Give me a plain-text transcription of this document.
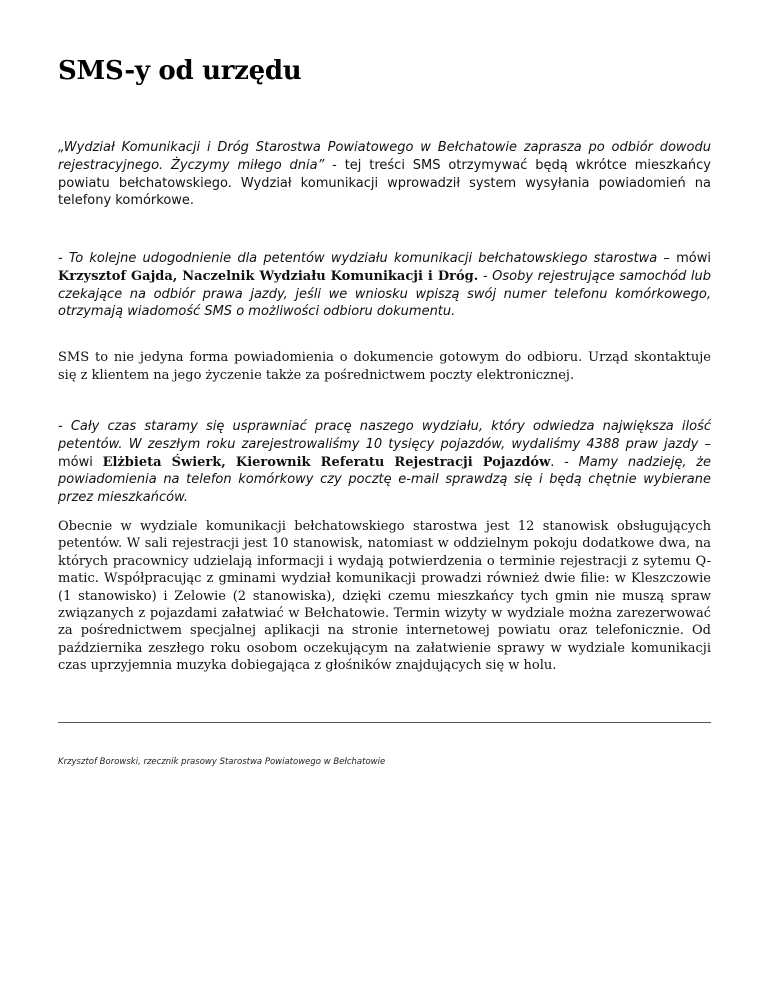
SMS-y od urzędu

„Wydział Komunikacji i Dróg Starostwa Powiatowego w Bełchatowie zaprasza po odbiór dowodu rejestracyjnego. Życzymy miłego dnia” - tej treści SMS otrzymywać będą wkrótce mieszkańcy powiatu bełchatowskiego. Wydział komunikacji wprowadził system wysyłania powiadomień na telefony komórkowe.

- To kolejne udogodnienie dla petentów wydziału komunikacji bełchatowskiego starostwa – mówi Krzysztof Gajda, Naczelnik Wydziału Komunikacji i Dróg. - Osoby rejestrujące samochód lub czekające na odbiór prawa jazdy, jeśli we wniosku wpiszą swój numer telefonu komórkowego, otrzymają wiadomość SMS o możliwości odbioru dokumentu.

SMS to nie jedyna forma powiadomienia o dokumencie gotowym do odbioru. Urząd skontaktuje się z klientem na jego życzenie także za pośrednictwem poczty elektronicznej.

- Cały czas staramy się usprawniać pracę naszego wydziału, który odwiedza największa ilość petentów. W zeszłym roku zarejestrowaliśmy 10 tysięcy pojazdów, wydaliśmy 4388 praw jazdy – mówi Elżbieta Świerk, Kierownik Referatu Rejestracji Pojazdów. - Mamy nadzieję, że powiadomienia na telefon komórkowy czy pocztę e-mail sprawdzą się i będą chętnie wybierane przez mieszkańców.

Obecnie w wydziale komunikacji bełchatowskiego starostwa jest 12 stanowisk obsługujących petentów. W sali rejestracji jest 10 stanowisk, natomiast w oddzielnym pokoju dodatkowe dwa, na których pracownicy udzielają informacji i wydają potwierdzenia o terminie rejestracji z sytemu Q-matic. Współpracując z gminami wydział komunikacji prowadzi również dwie filie: w Kleszczowie (1 stanowisko) i Zelowie (2 stanowiska), dzięki czemu mieszkańcy tych gmin nie muszą spraw związanych z pojazdami załatwiać w Bełchatowie. Termin wizyty w wydziale można zarezerwować za pośrednictwem specjalnej aplikacji na stronie internetowej powiatu oraz telefonicznie. Od października zeszłego roku osobom oczekującym na załatwienie sprawy w wydziale komunikacji czas uprzyjemnia muzyka dobiegająca z głośników znajdujących się w holu.

Krzysztof Borowski, rzecznik prasowy Starostwa Powiatowego w Bełchatowie
